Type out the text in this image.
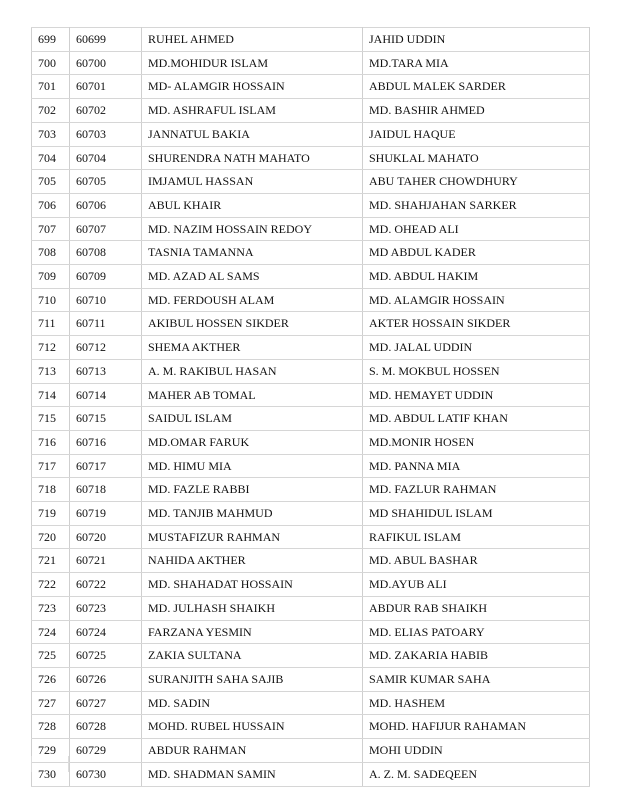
699	60699	RUHEL AHMED	JAHID UDDIN
700	60700	MD.MOHIDUR ISLAM	MD.TARA MIA
701	60701	MD- ALAMGIR HOSSAIN	ABDUL MALEK SARDER
702	60702	MD. ASHRAFUL ISLAM	MD. BASHIR AHMED
703	60703	JANNATUL BAKIA	JAIDUL HAQUE
704	60704	SHURENDRA NATH MAHATO	SHUKLAL MAHATO
705	60705	IMJAMUL HASSAN	ABU TAHER CHOWDHURY
706	60706	ABUL KHAIR	MD. SHAHJAHAN SARKER
707	60707	MD. NAZIM HOSSAIN REDOY	MD. OHEAD ALI
708	60708	TASNIA TAMANNA	MD ABDUL KADER
709	60709	MD. AZAD AL SAMS	MD. ABDUL HAKIM
710	60710	MD. FERDOUSH ALAM	MD. ALAMGIR HOSSAIN
711	60711	AKIBUL HOSSEN SIKDER	AKTER HOSSAIN SIKDER
712	60712	SHEMA AKTHER	MD. JALAL UDDIN
713	60713	A. M. RAKIBUL HASAN	S. M. MOKBUL HOSSEN
714	60714	MAHER AB TOMAL	MD. HEMAYET UDDIN
715	60715	SAIDUL ISLAM	MD. ABDUL LATIF KHAN
716	60716	MD.OMAR FARUK	MD.MONIR HOSEN
717	60717	MD. HIMU MIA	MD. PANNA MIA
718	60718	MD. FAZLE RABBI	MD. FAZLUR RAHMAN
719	60719	MD. TANJIB MAHMUD	MD SHAHIDUL ISLAM
720	60720	MUSTAFIZUR RAHMAN	RAFIKUL ISLAM
721	60721	NAHIDA AKTHER	MD. ABUL BASHAR
722	60722	MD. SHAHADAT HOSSAIN	MD.AYUB ALI
723	60723	MD. JULHASH SHAIKH	ABDUR RAB SHAIKH
724	60724	FARZANA YESMIN	MD. ELIAS PATOARY
725	60725	ZAKIA SULTANA	MD. ZAKARIA HABIB
726	60726	SURANJITH SAHA SAJIB	SAMIR KUMAR SAHA
727	60727	MD. SADIN	MD. HASHEM
728	60728	MOHD. RUBEL HUSSAIN	MOHD. HAFIJUR RAHAMAN
729	60729	ABDUR RAHMAN	MOHI UDDIN
730	60730	MD. SHADMAN SAMIN	A. Z. M. SADEQEEN
